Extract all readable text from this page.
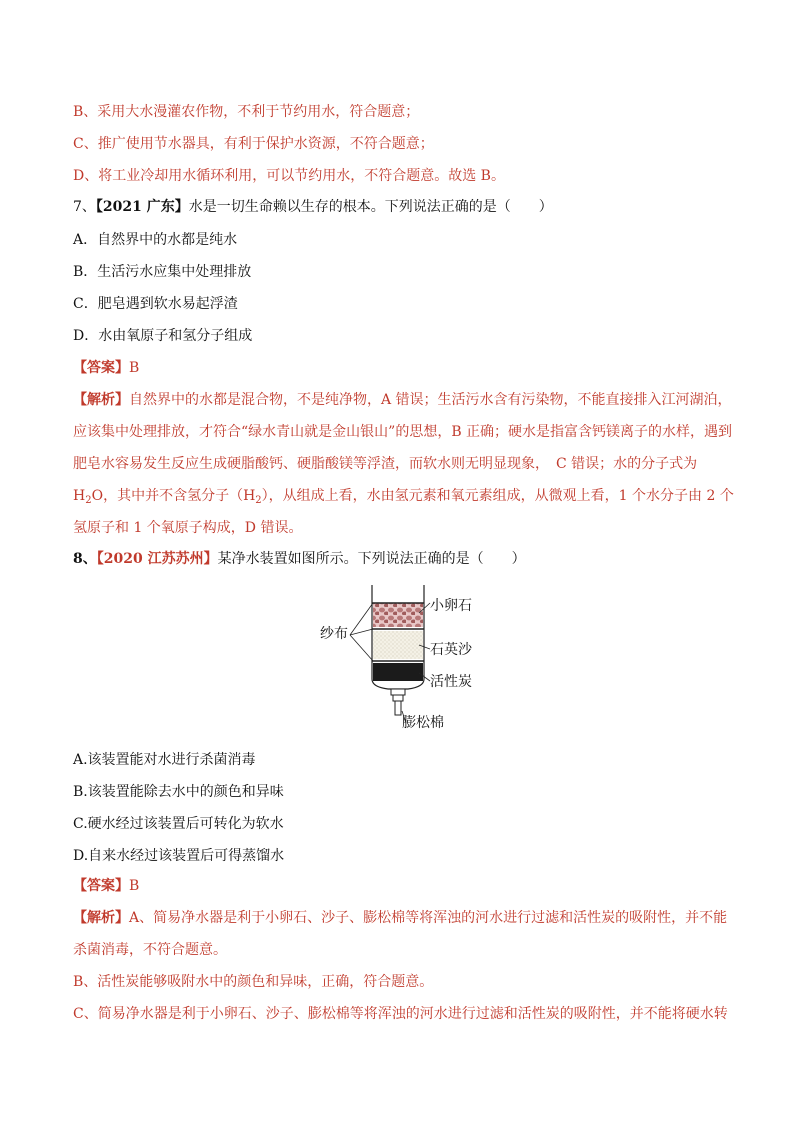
B、采用大水漫灌农作物，不利于节约用水，符合题意；
C、推广使用节水器具，有利于保护水资源，不符合题意；
D、将工业冷却用水循环利用，可以节约用水，不符合题意。故选 B。
7、【2021 广东】水是一切生命赖以生存的根本。下列说法正确的是（　　）
A．自然界中的水都是纯水
B．生活污水应集中处理排放
C．肥皂遇到软水易起浮渣
D．水由氧原子和氢分子组成
【答案】B
【解析】自然界中的水都是混合物，不是纯净物，A 错误；生活污水含有污染物，不能直接排入江河湖泊，
应该集中处理排放，才符合“绿水青山就是金山银山”的思想，B 正确；硬水是指富含钙镁离子的水样，遇到
肥皂水容易发生反应生成硬脂酸钙、硬脂酸镁等浮渣，而软水则无明显现象，　C 错误；水的分子式为
$H_2O$，其中并不含氢分子$(H_2)$，从组成上看，水由氢元素和氧元素组成，从微观上看，1 个水分子由 2 个
氢原子和 1 个氧原子构成，D 错误。
8、【2020 江苏苏州】某净水装置如图所示。下列说法正确的是（　　）
纱布
小卵石
石英沙
活性炭
膨松棉
A.该装置能对水进行杀菌消毒
B.该装置能除去水中的颜色和异味
C.硬水经过该装置后可转化为软水
D.自来水经过该装置后可得蒸馏水
【答案】B
【解析】A、简易净水器是利于小卵石、沙子、膨松棉等将浑浊的河水进行过滤和活性炭的吸附性，并不能
杀菌消毒，不符合题意。
B、活性炭能够吸附水中的颜色和异味，正确，符合题意。
C、简易净水器是利于小卵石、沙子、膨松棉等将浑浊的河水进行过滤和活性炭的吸附性，并不能将硬水转
